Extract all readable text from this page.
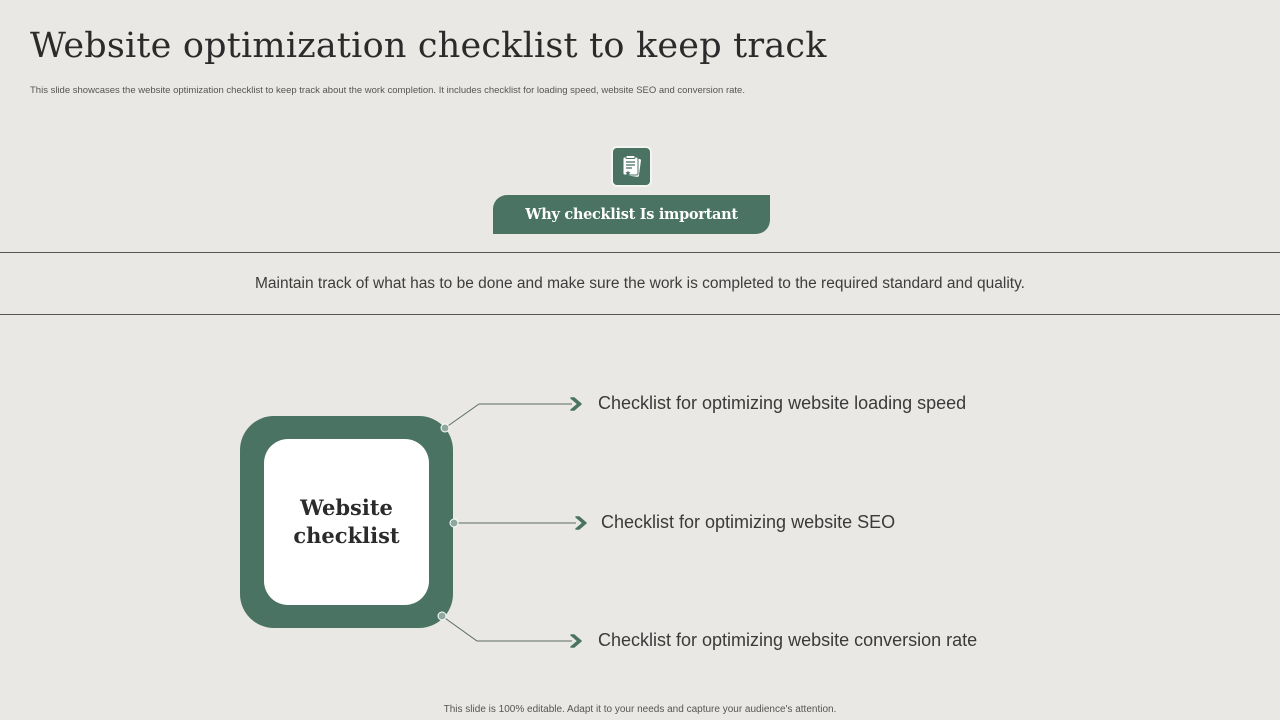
Website optimization checklist to keep track
This slide showcases the website optimization checklist to keep track about the work completion. It includes checklist for loading speed, website SEO and conversion rate.
Why checklist Is important
Maintain track of what has to be done and make sure the work is completed to the required standard and quality.
Website checklist
Checklist for optimizing website loading speed
Checklist for optimizing website SEO
Checklist for optimizing website conversion rate
This slide is 100% editable. Adapt it to your needs and capture your audience's attention.
